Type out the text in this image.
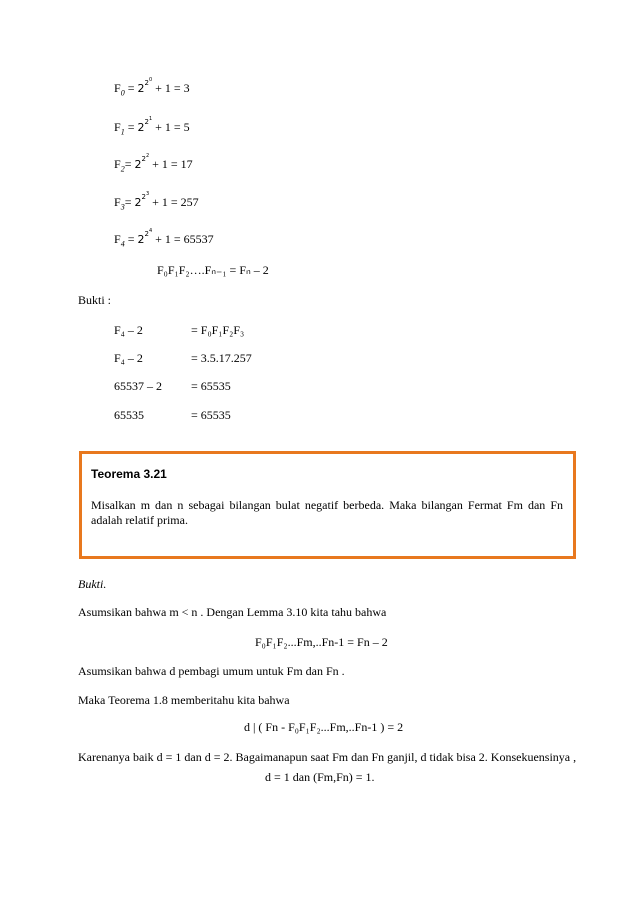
$F_0 = 2^{2^0} + 1 = 3$
$F_1 = 2^{2^1} + 1 = 5$
$F_2= 2^{2^2} + 1 = 17$
$F_3= 2^{2^3} + 1 = 257$
$F_4 = 2^{2^4} + 1 = 65537$
F₀F₁F₂….Fₙ₋₁ = Fₙ – 2
Bukti :
F₄ – 2	= F₀F₁F₂F₃
F₄ – 2	= 3.5.17.257
65537 – 2 = 65535
65535	= 65535
Teorema 3.21
Misalkan m dan n sebagai bilangan bulat negatif berbeda. Maka bilangan Fermat Fm dan Fn adalah relatif prima.
Bukti.
Asumsikan bahwa m < n . Dengan Lemma 3.10 kita tahu bahwa
F₀F₁F₂...Fm,..Fn-1 = Fn – 2
Asumsikan bahwa d pembagi umum untuk Fm dan Fn .
Maka Teorema 1.8 memberitahu kita bahwa
d | ( Fn - F₀F₁F₂...Fm,..Fn-1 ) = 2
Karenanya baik d = 1 dan d = 2. Bagaimanapun saat Fm dan Fn ganjil, d tidak bisa 2. Konsekuensinya ,
d = 1 dan (Fm,Fn) = 1.
